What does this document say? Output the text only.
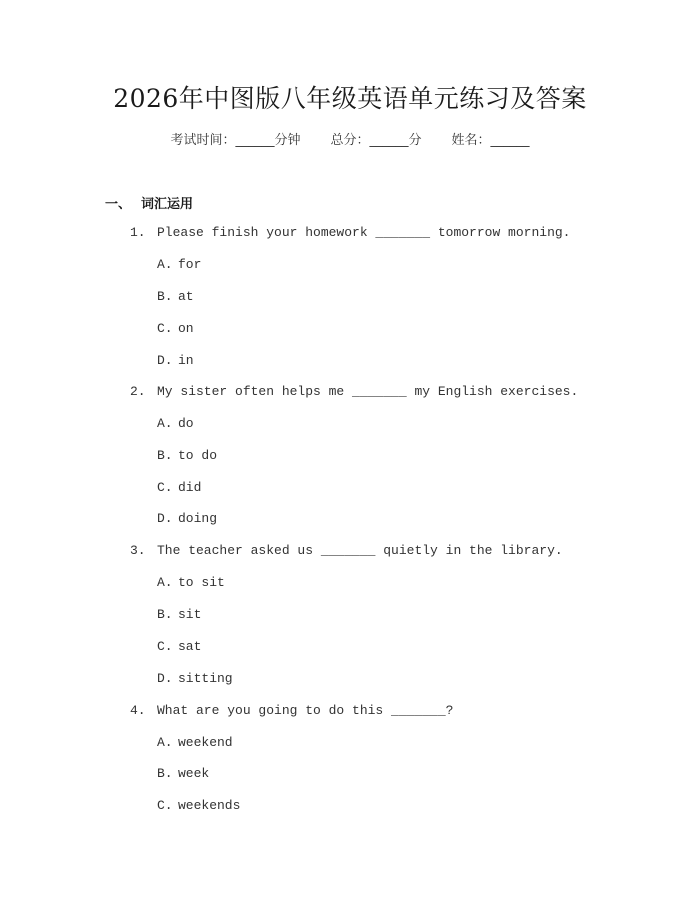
2026年中图版八年级英语单元练习及答案
考试时间：______分钟 总分：______分 姓名：______
一、 词汇运用
1. Please finish your homework _______ tomorrow morning.
A. for
B. at
C. on
D. in
2. My sister often helps me _______ my English exercises.
A. do
B. to do
C. did
D. doing
3. The teacher asked us _______ quietly in the library.
A. to sit
B. sit
C. sat
D. sitting
4. What are you going to do this _______?
A. weekend
B. week
C. weekends
